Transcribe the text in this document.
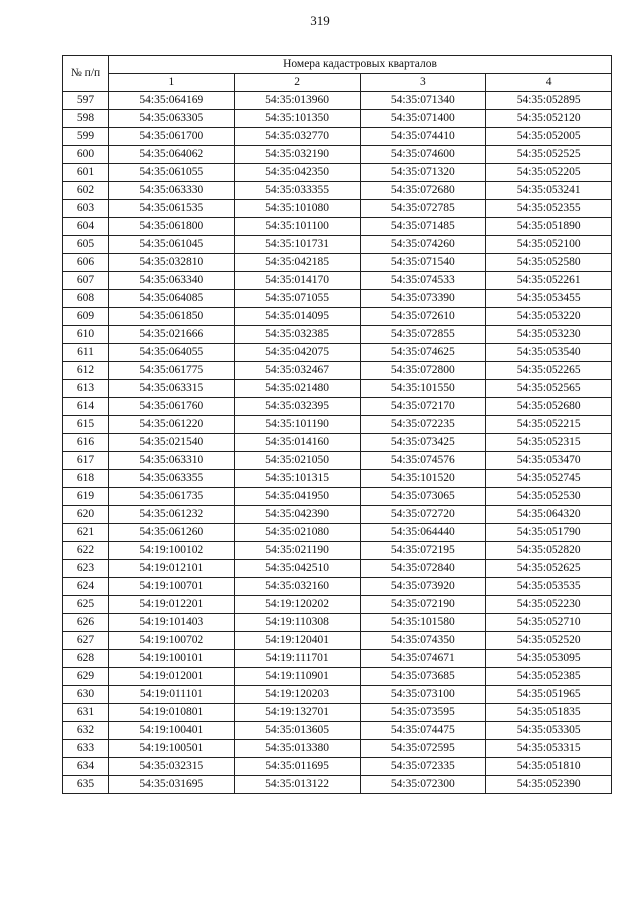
319
№ п/п	Номера кадастровых кварталов			
	1	2	3	4
597	54:35:064169	54:35:013960	54:35:071340	54:35:052895
598	54:35:063305	54:35:101350	54:35:071400	54:35:052120
599	54:35:061700	54:35:032770	54:35:074410	54:35:052005
600	54:35:064062	54:35:032190	54:35:074600	54:35:052525
601	54:35:061055	54:35:042350	54:35:071320	54:35:052205
602	54:35:063330	54:35:033355	54:35:072680	54:35:053241
603	54:35:061535	54:35:101080	54:35:072785	54:35:052355
604	54:35:061800	54:35:101100	54:35:071485	54:35:051890
605	54:35:061045	54:35:101731	54:35:074260	54:35:052100
606	54:35:032810	54:35:042185	54:35:071540	54:35:052580
607	54:35:063340	54:35:014170	54:35:074533	54:35:052261
608	54:35:064085	54:35:071055	54:35:073390	54:35:053455
609	54:35:061850	54:35:014095	54:35:072610	54:35:053220
610	54:35:021666	54:35:032385	54:35:072855	54:35:053230
611	54:35:064055	54:35:042075	54:35:074625	54:35:053540
612	54:35:061775	54:35:032467	54:35:072800	54:35:052265
613	54:35:063315	54:35:021480	54:35:101550	54:35:052565
614	54:35:061760	54:35:032395	54:35:072170	54:35:052680
615	54:35:061220	54:35:101190	54:35:072235	54:35:052215
616	54:35:021540	54:35:014160	54:35:073425	54:35:052315
617	54:35:063310	54:35:021050	54:35:074576	54:35:053470
618	54:35:063355	54:35:101315	54:35:101520	54:35:052745
619	54:35:061735	54:35:041950	54:35:073065	54:35:052530
620	54:35:061232	54:35:042390	54:35:072720	54:35:064320
621	54:35:061260	54:35:021080	54:35:064440	54:35:051790
622	54:19:100102	54:35:021190	54:35:072195	54:35:052820
623	54:19:012101	54:35:042510	54:35:072840	54:35:052625
624	54:19:100701	54:35:032160	54:35:073920	54:35:053535
625	54:19:012201	54:19:120202	54:35:072190	54:35:052230
626	54:19:101403	54:19:110308	54:35:101580	54:35:052710
627	54:19:100702	54:19:120401	54:35:074350	54:35:052520
628	54:19:100101	54:19:111701	54:35:074671	54:35:053095
629	54:19:012001	54:19:110901	54:35:073685	54:35:052385
630	54:19:011101	54:19:120203	54:35:073100	54:35:051965
631	54:19:010801	54:19:132701	54:35:073595	54:35:051835
632	54:19:100401	54:35:013605	54:35:074475	54:35:053305
633	54:19:100501	54:35:013380	54:35:072595	54:35:053315
634	54:35:032315	54:35:011695	54:35:072335	54:35:051810
635	54:35:031695	54:35:013122	54:35:072300	54:35:052390
